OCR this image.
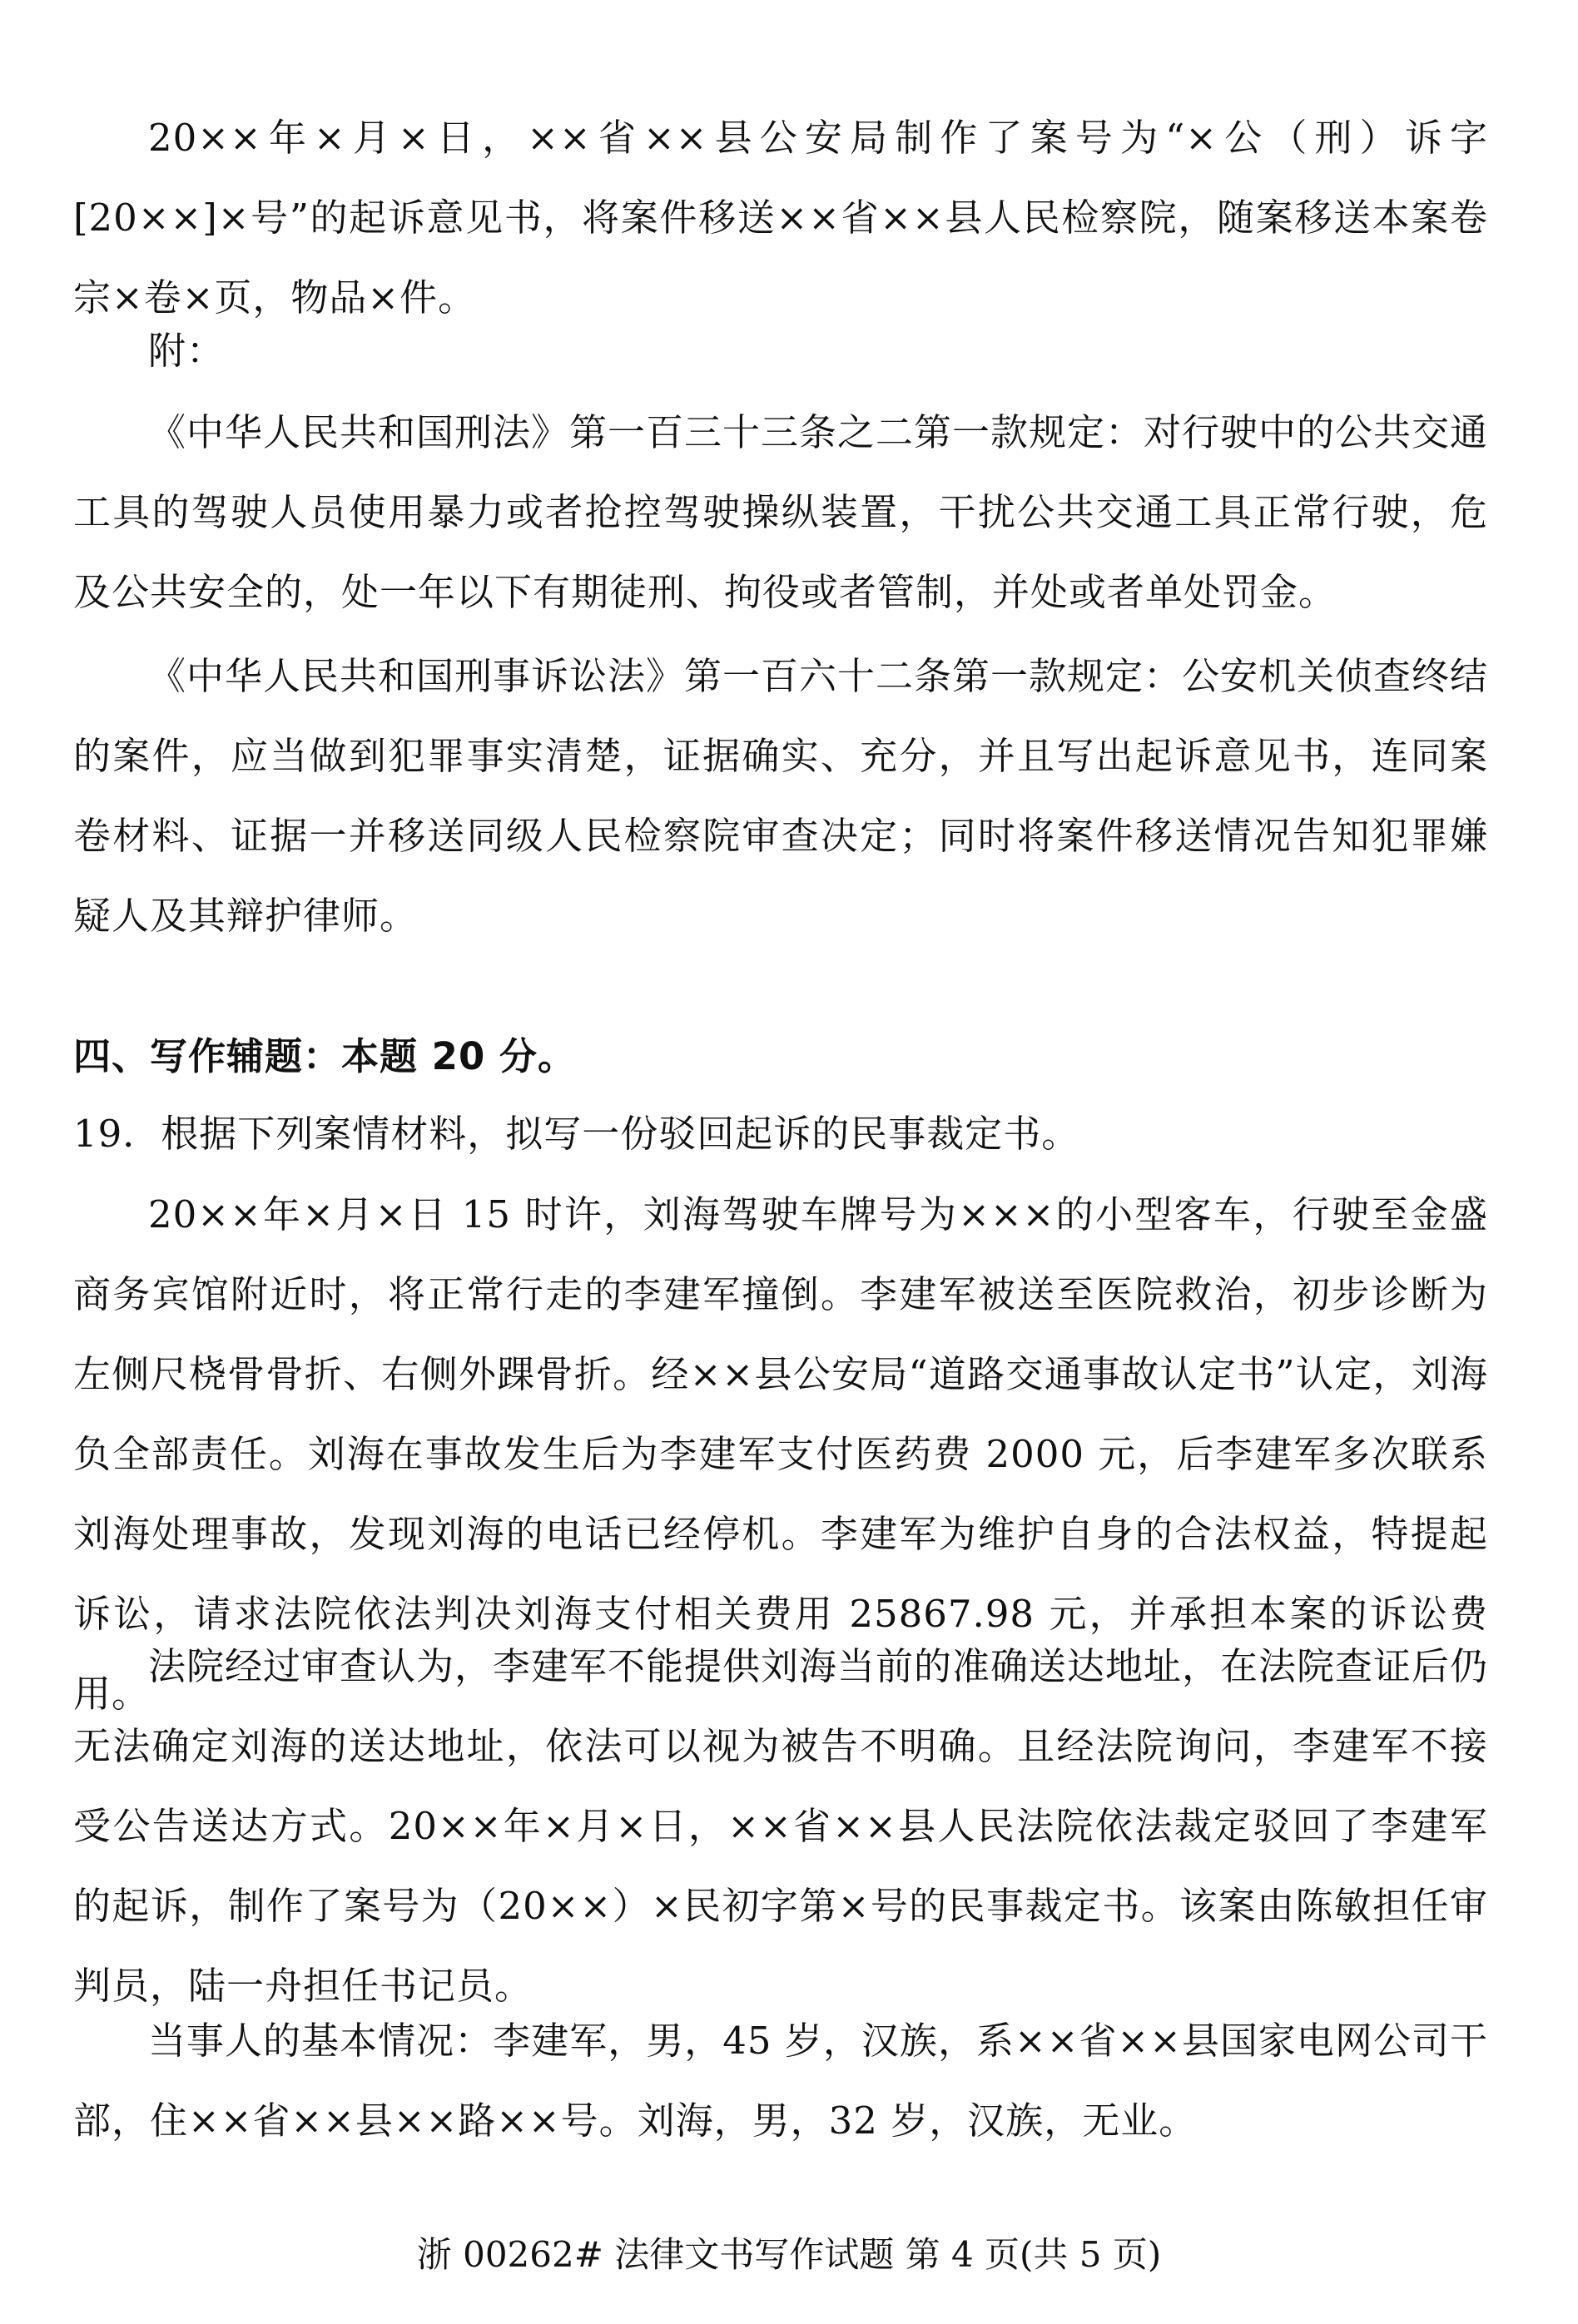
20××年×月×日，××省××县公安局制作了案号为“×公（刑）诉字[20××]×号”的起诉意见书，将案件移送××省××县人民检察院，随案移送本案卷宗×卷×页，物品×件。

附：

《中华人民共和国刑法》第一百三十三条之二第一款规定：对行驶中的公共交通工具的驾驶人员使用暴力或者抢控驾驶操纵装置，干扰公共交通工具正常行驶，危及公共安全的，处一年以下有期徒刑、拘役或者管制，并处或者单处罚金。

《中华人民共和国刑事诉讼法》第一百六十二条第一款规定：公安机关侦查终结的案件，应当做到犯罪事实清楚，证据确实、充分，并且写出起诉意见书，连同案卷材料、证据一并移送同级人民检察院审查决定；同时将案件移送情况告知犯罪嫌疑人及其辩护律师。

四、写作辅题：本题 20 分。

19．根据下列案情材料，拟写一份驳回起诉的民事裁定书。

20××年×月×日 15 时许，刘海驾驶车牌号为×××的小型客车，行驶至金盛商务宾馆附近时，将正常行走的李建军撞倒。李建军被送至医院救治，初步诊断为左侧尺桡骨骨折、右侧外踝骨折。经××县公安局“道路交通事故认定书”认定，刘海负全部责任。刘海在事故发生后为李建军支付医药费 2000 元，后李建军多次联系刘海处理事故，发现刘海的电话已经停机。李建军为维护自身的合法权益，特提起诉讼，请求法院依法判决刘海支付相关费用 25867.98 元，并承担本案的诉讼费用。

法院经过审查认为，李建军不能提供刘海当前的准确送达地址，在法院查证后仍无法确定刘海的送达地址，依法可以视为被告不明确。且经法院询问，李建军不接受公告送达方式。20××年×月×日，××省××县人民法院依法裁定驳回了李建军的起诉，制作了案号为（20××）×民初字第×号的民事裁定书。该案由陈敏担任审判员，陆一舟担任书记员。

当事人的基本情况：李建军，男，45 岁，汉族，系××省××县国家电网公司干部，住××省××县××路××号。刘海，男，32 岁，汉族，无业。

浙 00262# 法律文书写作试题 第 4 页(共 5 页)
